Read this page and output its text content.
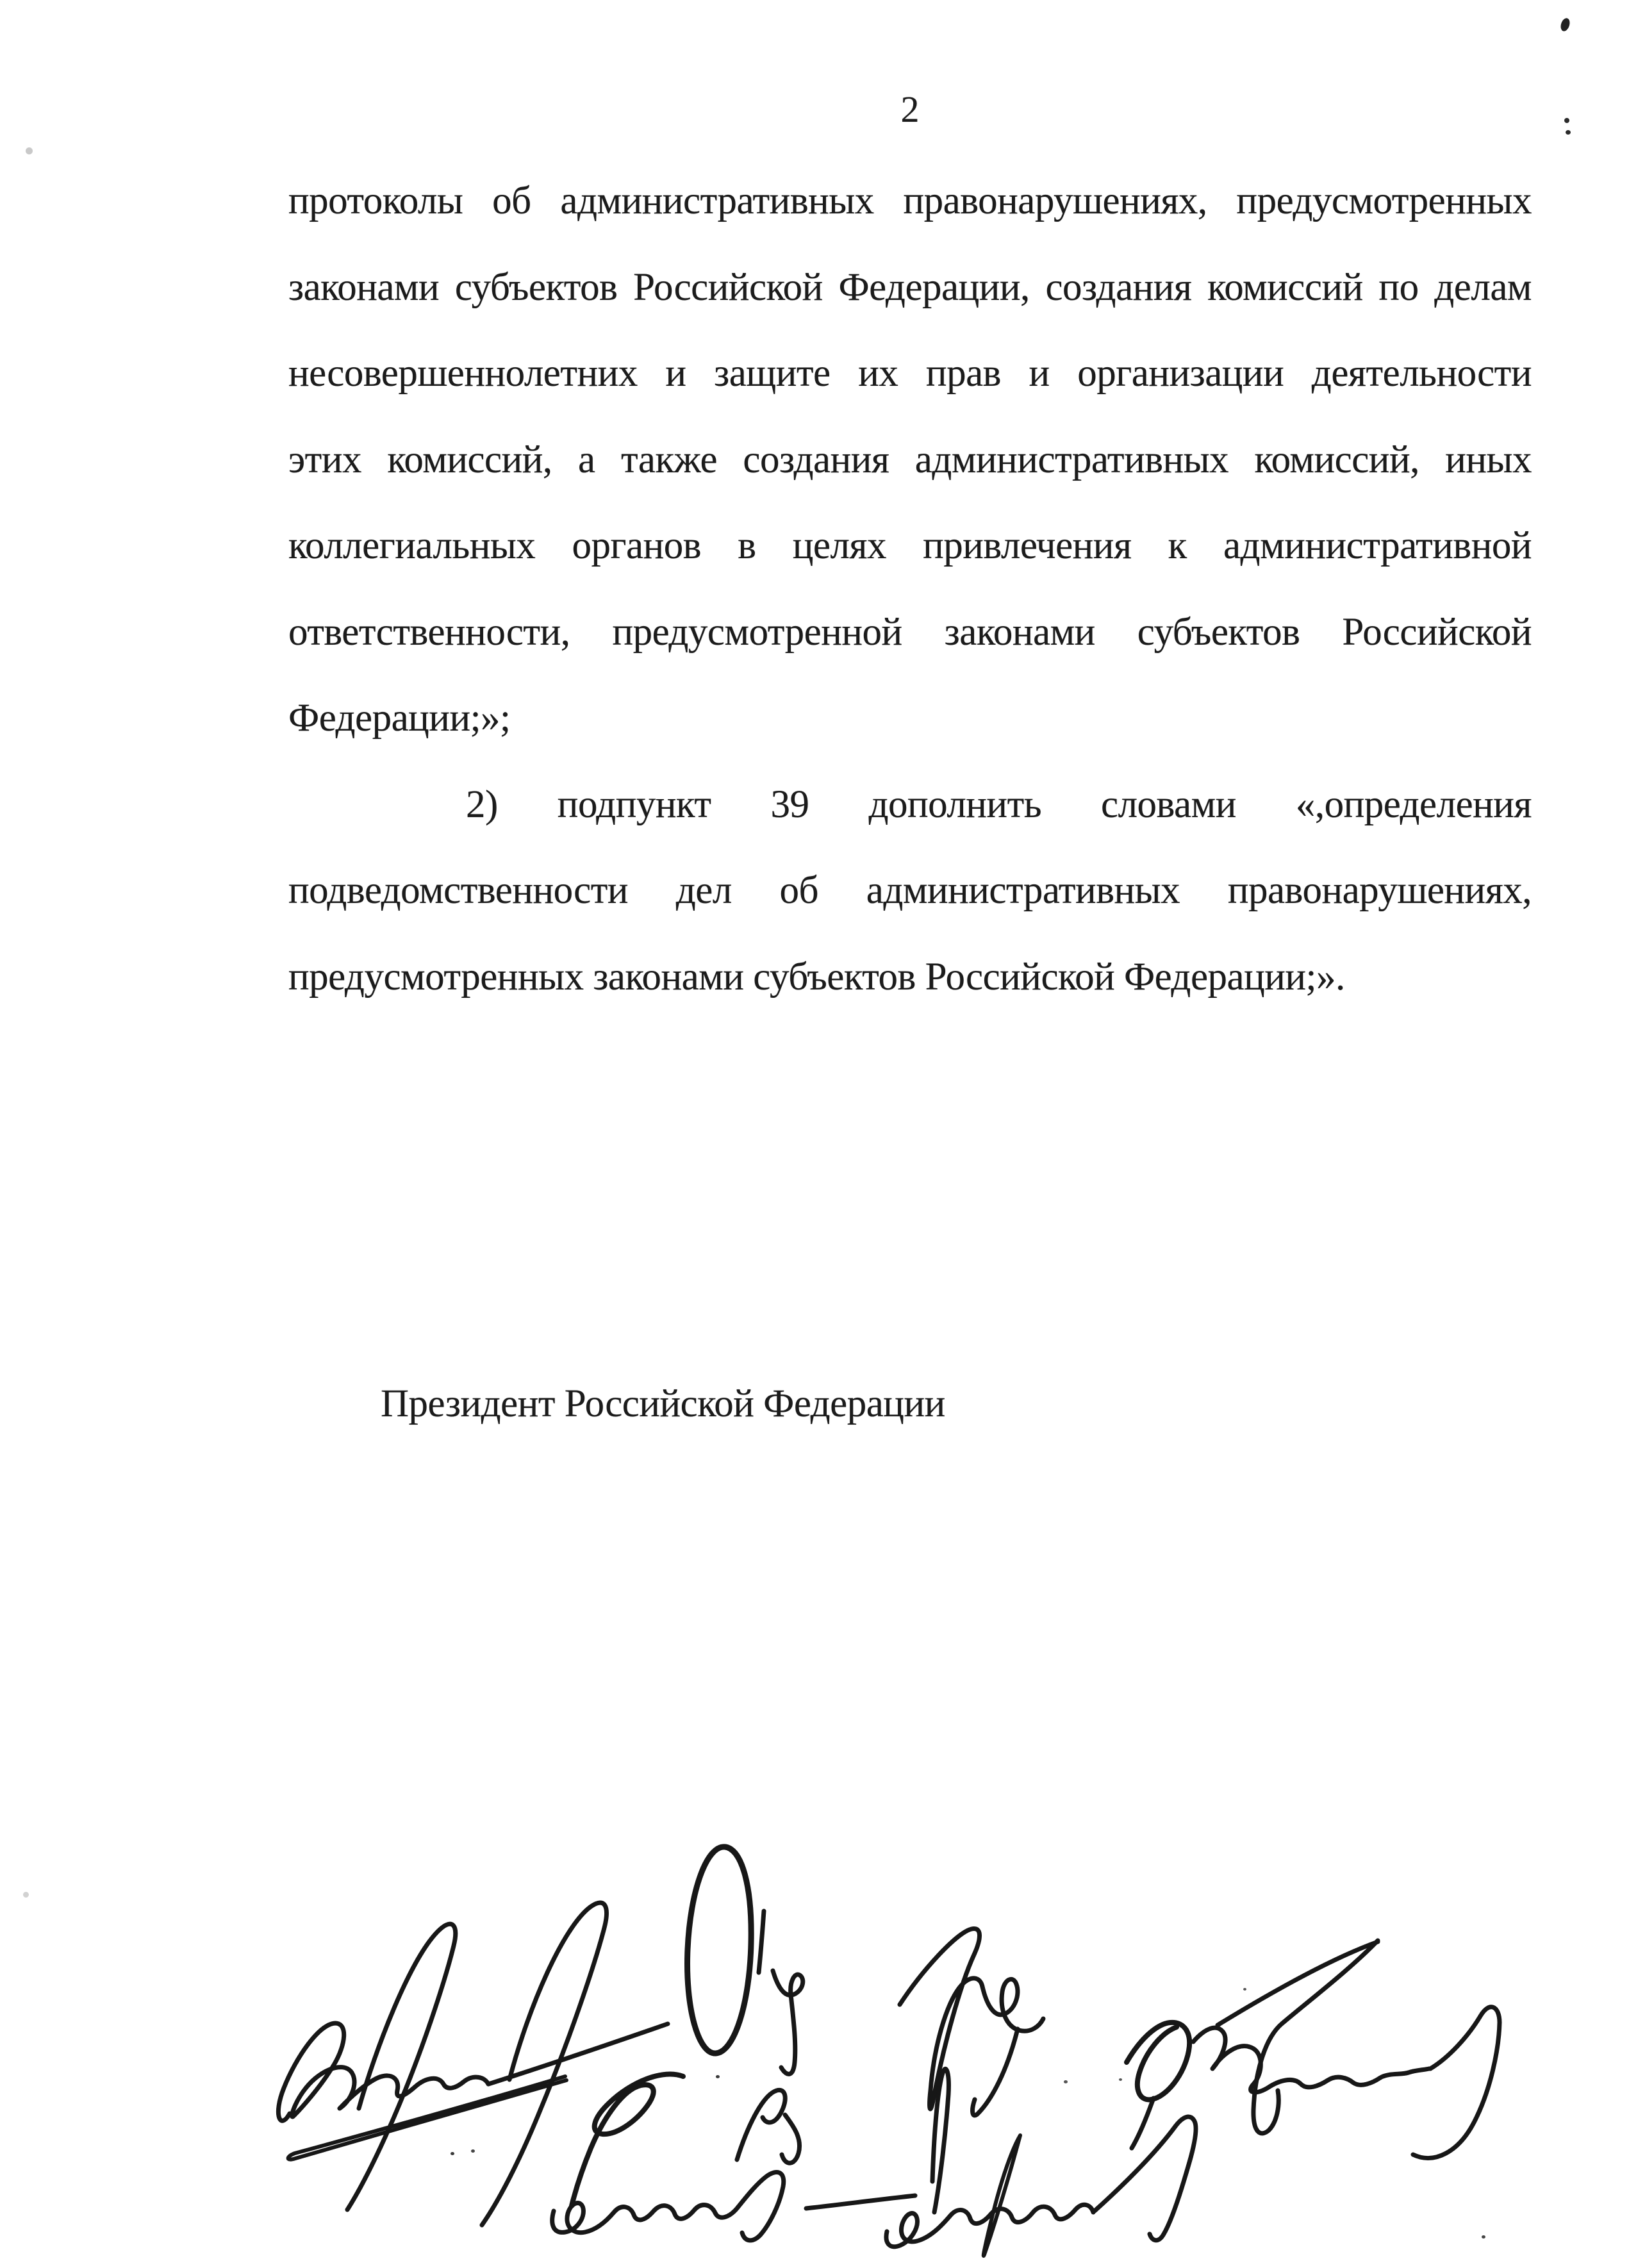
2
протоколы об административных правонарушениях, предусмотренных
законами субъектов Российской Федерации, создания комиссий по делам
несовершеннолетних и защите их прав и организации деятельности
этих комиссий, а также создания административных комиссий, иных
коллегиальных органов в целях привлечения к административной
ответственности, предусмотренной законами субъектов Российской
Федерации;»;
2) подпункт 39 дополнить словами «,определения
подведомственности дел об административных правонарушениях,
предусмотренных законами субъектов Российской Федерации;».
Президент Российской Федерации
